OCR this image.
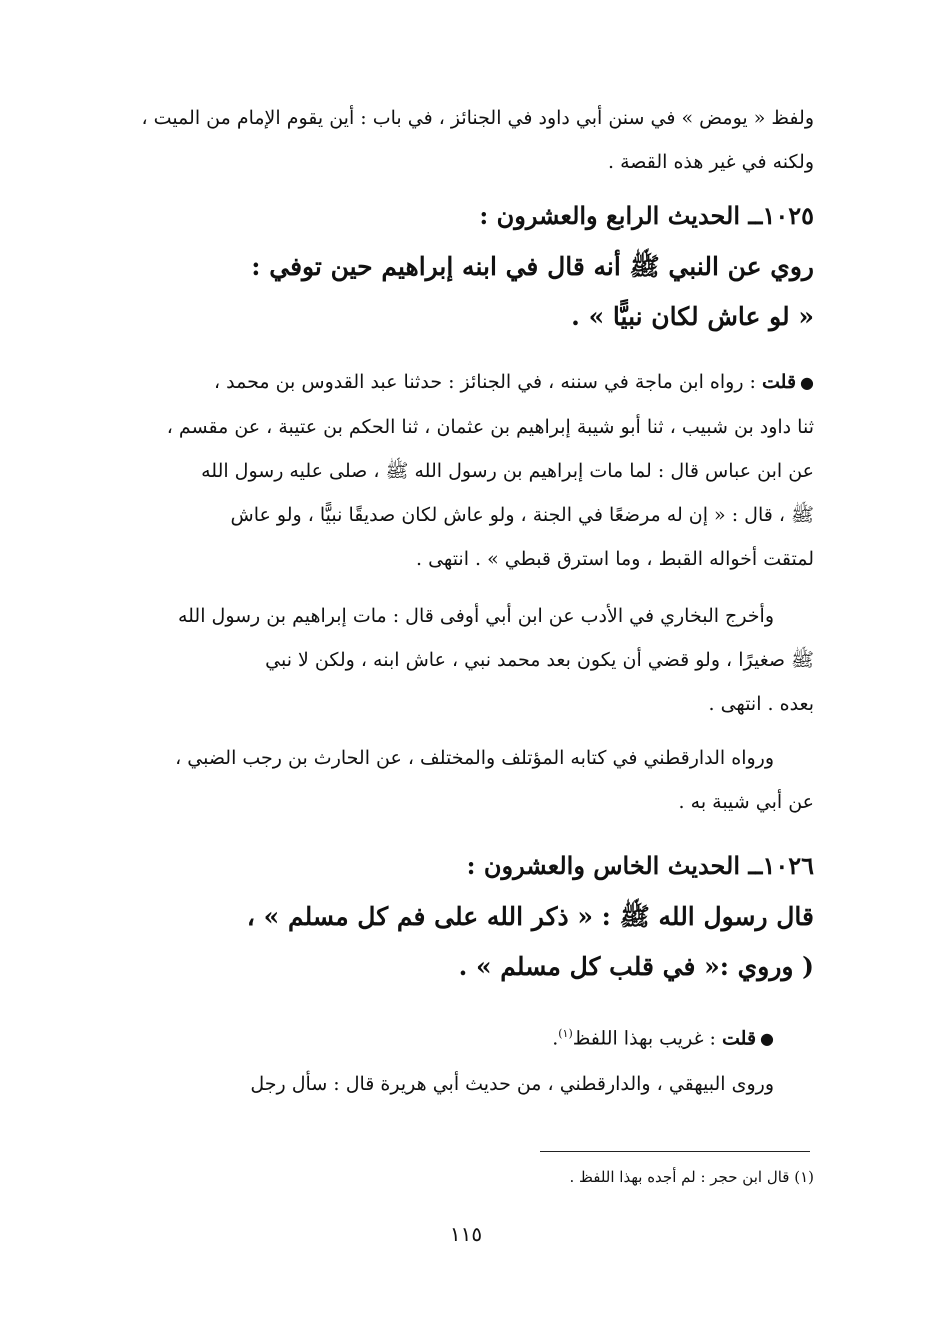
ولفظ « يومض » في سنن أبي داود في الجنائز ، في باب : أين يقوم الإمام من الميت ،
ولكنه في غير هذه القصة .
١٠٢٥ــ الحديث الرابع والعشرون :
روي عن النبي ﷺ أنه قال في ابنه إبراهيم حين توفي :
« لو عاش لكان نبيًّا » .
●قلت : رواه ابن ماجة في سننه ، في الجنائز : حدثنا عبد القدوس بن محمد ،
ثنا داود بن شبيب ، ثنا أبو شيبة إبراهيم بن عثمان ، ثنا الحكم بن عتيبة ، عن مقسم ،
عن ابن عباس قال : لما مات إبراهيم بن رسول الله ﷺ ، صلى عليه رسول الله
ﷺ ، قال : « إن له مرضعًا في الجنة ، ولو عاش لكان صديقًا نبيًّا ، ولو عاش
لمتقت أخواله القبط ، وما استرق قبطي » . انتهى .
وأخرج البخاري في الأدب عن ابن أبي أوفى قال : مات إبراهيم بن رسول الله
ﷺ صغيرًا ، ولو قضي أن يكون بعد محمد نبي ، عاش ابنه ، ولكن لا نبي
بعده . انتهى .
ورواه الدارقطني في كتابه المؤتلف والمختلف ، عن الحارث بن رجب الضبي ،
عن أبي شيبة به .
١٠٢٦ــ الحديث الخاس والعشرون :
قال رسول الله ﷺ : « ذكر الله على فم كل مسلم » ،
( وروي :« في قلب كل مسلم » .
●قلت : غريب بهذا اللفظ$^{(١)}$.
وروى البيهقي ، والدارقطني ، من حديث أبي هريرة قال : سأل رجل
(١) قال ابن حجر : لم أجده بهذا اللفظ .
١١٥
